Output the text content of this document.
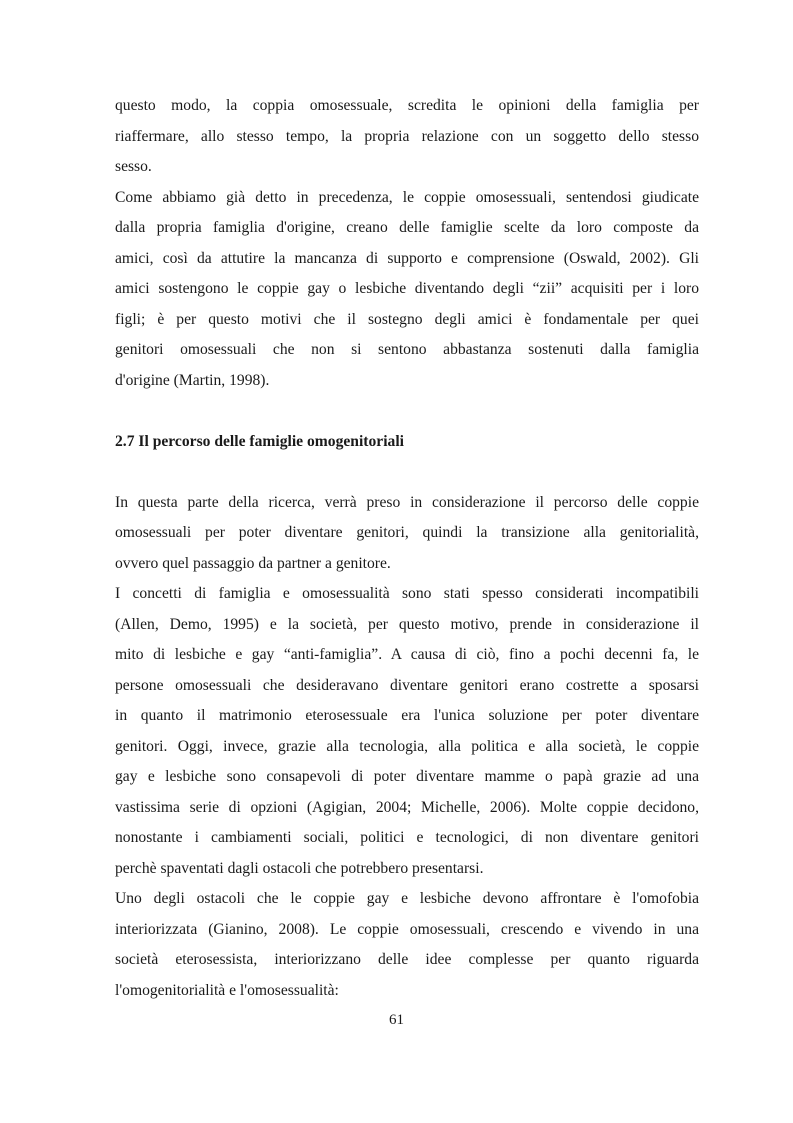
questo modo, la coppia omosessuale, scredita le opinioni della famiglia per
riaffermare, allo stesso tempo, la propria relazione con un soggetto dello stesso
sesso.
Come abbiamo già detto in precedenza, le coppie omosessuali, sentendosi giudicate
dalla propria famiglia d'origine, creano delle famiglie scelte da loro composte da
amici, così da attutire la mancanza di supporto e comprensione (Oswald, 2002). Gli
amici sostengono le coppie gay o lesbiche diventando degli “zii” acquisiti per i loro
figli; è per questo motivi che il sostegno degli amici è fondamentale per quei
genitori omosessuali che non si sentono abbastanza sostenuti dalla famiglia
d'origine (Martin, 1998).
2.7 Il percorso delle famiglie omogenitoriali
In questa parte della ricerca, verrà preso in considerazione il percorso delle coppie
omosessuali per poter diventare genitori, quindi la transizione alla genitorialità,
ovvero quel passaggio da partner a genitore.
I concetti di famiglia e omosessualità sono stati spesso considerati incompatibili
(Allen, Demo, 1995) e la società, per questo motivo, prende in considerazione il
mito di lesbiche e gay “anti-famiglia”. A causa di ciò, fino a pochi decenni fa, le
persone omosessuali che desideravano diventare genitori erano costrette a sposarsi
in quanto il matrimonio eterosessuale era l'unica soluzione per poter diventare
genitori. Oggi, invece, grazie alla tecnologia, alla politica e alla società, le coppie
gay e lesbiche sono consapevoli di poter diventare mamme o papà grazie ad una
vastissima serie di opzioni (Agigian, 2004; Michelle, 2006). Molte coppie decidono,
nonostante i cambiamenti sociali, politici e tecnologici, di non diventare genitori
perchè spaventati dagli ostacoli che potrebbero presentarsi.
Uno degli ostacoli che le coppie gay e lesbiche devono affrontare è l'omofobia
interiorizzata (Gianino, 2008). Le coppie omosessuali, crescendo e vivendo in una
società eterosessista, interiorizzano delle idee complesse per quanto riguarda
l'omogenitorialità e l'omosessualità:
61
